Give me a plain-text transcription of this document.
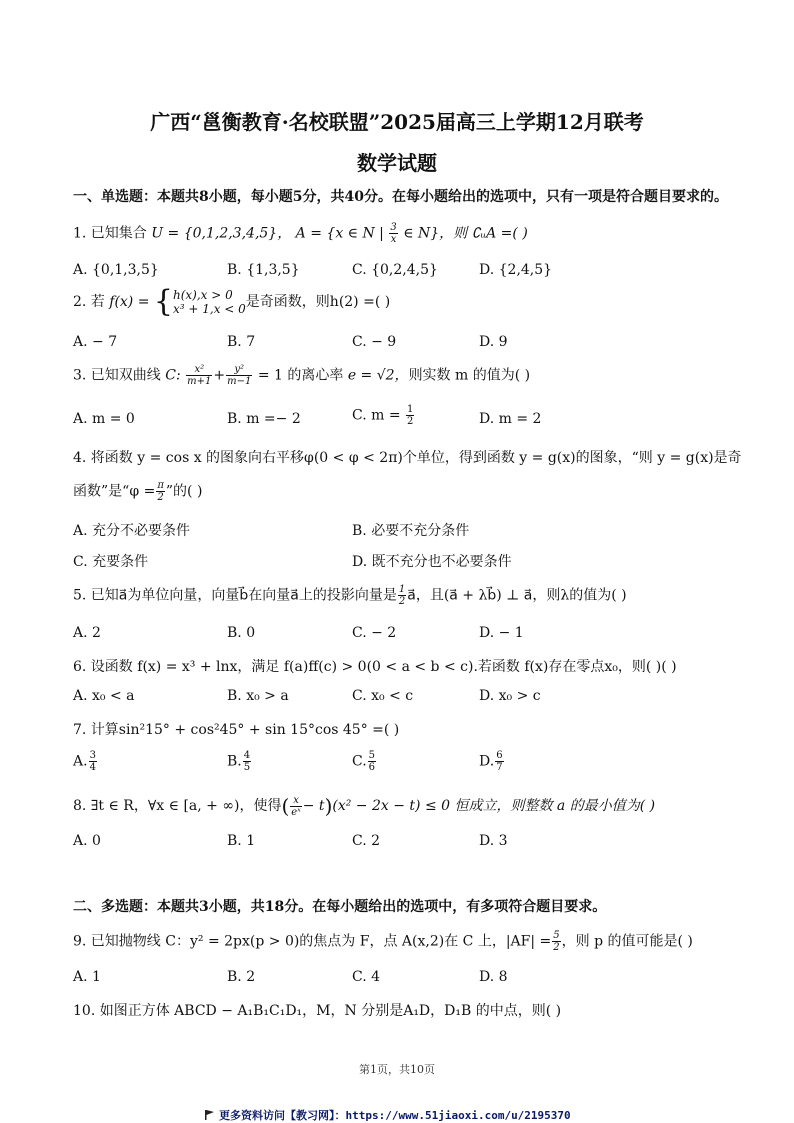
广西“邕衡教育·名校联盟”2025届高三上学期12月联考
数学试题
一、单选题：本题共8小题，每小题5分，共40分。在每小题给出的选项中，只有一项是符合题目要求的。
1. 已知集合 U = {0,1,2,3,4,5}， A = {x ∈ N | $\frac{3}{x}$ ∈ N}，则 ∁ᵤA =( )
A. {0,1,3,5}	B. {1,3,5}	C. {0,2,4,5}	D. {2,4,5}
2. 若 f(x) = { h(x),x > 0
x³ + 1,x < 0 是奇函数，则h(2) =( )
A. − 7	B. 7	C. − 9	D. 9
3. 已知双曲线 C: $\frac{\text{x²}}{m+1} + \frac{\text{y²}}{m-1} = 1$ 的离心率 e = √2，则实数 m 的值为( )
A. m = 0	B. m =− 2	C. $m = \frac{1}{2}$	D. m = 2
4. 将函数 y = cos x 的图象向右平移φ(0 < φ < 2π)个单位，得到函数 y = g(x)的图象，“则 y = g(x)是奇
函数”是“$\varphi = \frac{\pi}{2}$ ”的( )
A. 充分不必要条件	B. 必要不充分条件
C. 充要条件	D. 既不充分也不必要条件
5. 已知a⃗为单位向量，向量b⃗在向量a⃗上的投影向量是 $\frac{1}{2}$ a⃗，且(a⃗ + λb⃗) ⊥ a⃗，则λ的值为( )
A. 2	B. 0	C. − 2	D. − 1
6. 设函数 f(x) = x³ + lnx，满足 f(a)ff(c) > 0(0 < a < b < c).若函数 f(x)存在零点x₀，则( )( )
A. x₀ < a	B. x₀ > a	C. x₀ < c	D. x₀ > c
7. 计算sin²15° + cos²45° + sin 15°cos 45° =( )
A. $\frac{3}{4}$	B. $\frac{4}{5}$	C. $\frac{5}{6}$	D. $\frac{6}{7}$
8. ∃t ∈ R，∀x ∈ [a, + ∞)，使得( $\frac{x}{\text{eˣ}} - t)(x^2 - 2x - t) \le 0$ 恒成立，则整数 a 的最小值为( )
A. 0	B. 1	C. 2	D. 3
二、多选题：本题共3小题，共18分。在每小题给出的选项中，有多项符合题目要求。
9. 已知抛物线 C：y² = 2px(p > 0)的焦点为 F，点 A(x,2)在 C 上，$|AF| = \frac{5}{2}$ ，则 p 的值可能是( )
A. 1	B. 2	C. 4	D. 8
10. 如图正方体 ABCD − A₁B₁C₁D₁，M，N 分别是A₁D，D₁B 的中点，则( )
第1页，共10页
更多资料访问【教习网】：https://www.51jiaoxi.com/u/2195370
